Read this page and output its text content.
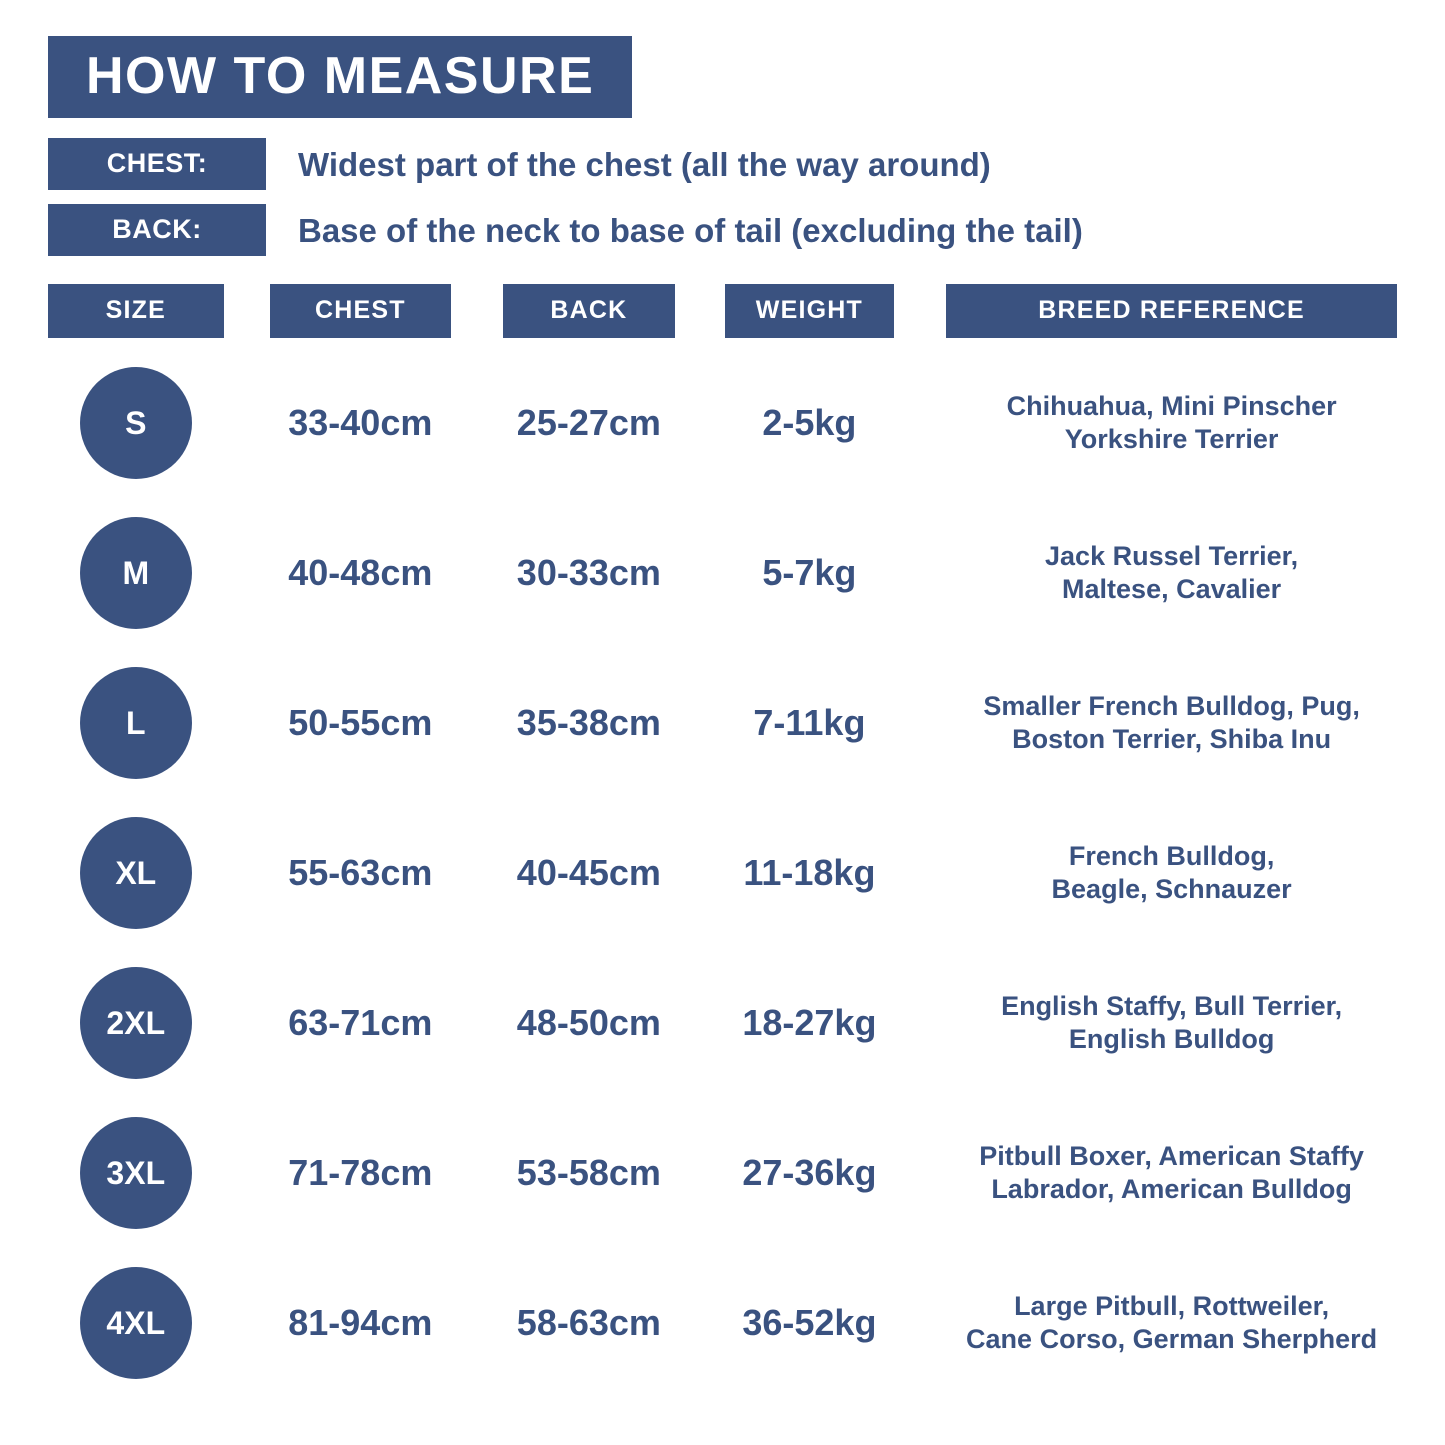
HOW TO MEASURE
CHEST:	Widest part of the chest (all the way around)
BACK:	Base of the neck to base of tail (excluding the tail)
SIZE	CHEST	BACK	WEIGHT	BREED REFERENCE
S	33-40cm	25-27cm	2-5kg	Chihuahua, Mini Pinscher
Yorkshire Terrier
M	40-48cm	30-33cm	5-7kg	Jack Russel Terrier,
Maltese, Cavalier
L	50-55cm	35-38cm	7-11kg	Smaller French Bulldog, Pug,
Boston Terrier, Shiba Inu
XL	55-63cm	40-45cm	11-18kg	French Bulldog,
Beagle, Schnauzer
2XL	63-71cm	48-50cm	18-27kg	English Staffy, Bull Terrier,
English Bulldog
3XL	71-78cm	53-58cm	27-36kg	Pitbull Boxer, American Staffy
Labrador, American Bulldog
4XL	81-94cm	58-63cm	36-52kg	Large Pitbull, Rottweiler,
Cane Corso, German Sherpherd
